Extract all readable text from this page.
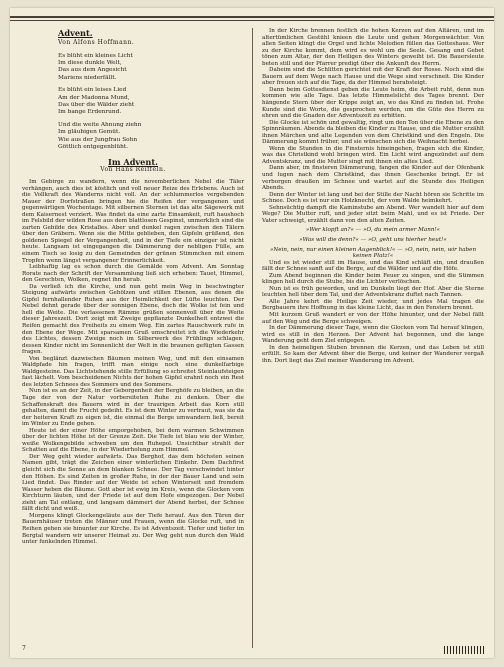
Advent.
Von Alfons Hoffmann.
Es blüht ein kleines Licht
Im diese dunkle Welt,
Das aus dem Angesicht
Mariens niederfällt.
Es blüht ein leises Lied
Am der Madonna Mund,
Das über die Wälder zieht
Im bange Erdenrund.
Und die weite Ahnung ziehn
Im gläubigen Gemüt.
Wie aus der Jungfrau Sohn
Göttlich entgegenblüht.
Im Advent.
Von Hans Reiffeln.

Im Gebirge zu wandern, wenn die novemberlichen Nebel die Täler verhängen, auch dies ist köstlich und voll neuer Reize des Erlebens. Auch ist die Vollkraft des Wanderns nicht voll. An der schlummerlos vergebenden Mauer der Dorfstraßen bringen hie die Reifen der vergangenen und gegenwärtigen Wochentage. Mit silbernen Sternen ist das alte Sägewerk mit dem Kaisernest verziert. Was findet da eine zarte Einsamkeit, ruft haushoch im Felsbild der wilden Rose aus dem blattlosen Gespinst, unmerklich sind die zarten Gebilde des Kristalles. Aber und dunkel ragen zwischen den Tälern über den Gräbern. Wenn sie die Mitte geblieben, den Gipfeln grüßend, den goldenen Spiegel der Vergangenheit, und in der Tiefe ein einziger ist nicht heute. Langsam ist eingegangen die Dämmerung der nebligen Fülle, am einem Tisch so losig zu den Gemeinden der grünen Stimmchen mit einem Tropfen wenn längst vergangener Erinnerlichkeit.

Leibhaftig lag es schon durch die Gemälde vom Advent. Am Sonntag Rorate nach der Schrift der Versammlung ließ sich erheben: Tauet, Himmel, den Gerechten, Wolken, regnet ihn herab.

Da verließ ich die Kirche, und nun geht mein Weg in beschwingter Steigung aufwärts zwischen Gehölzen und stillen Ebenen, aus denen die Gipfel fernhallender Ruhen aus der Heimlichkeit der Lüfte leuchten. Der Nebel dehnt gerade über der sonnigen Ebene, doch die Wolke ist fein und hell die Weite. Die verlassenen Rämme grüßen sonnenvoll über die Weite dieser Jahreszeit. Dort zeigt mit Zweige gepflanzte Dunkelheit entzwei die Reifen gemacht des Freiheits zu einem Weg. Ein zartes Rauschwerk rufe in den Ebene der Wege. Mit sparsamen Gruß umschreitet ich die Wiederkehr des Lichtes, dessen Zweige noch im Silberwerk des Frühlings schlagen, dessen Kinder nicht im Sonnenlicht der Welt in die braunen gefügten Gassen fragen.

Von beglänzt dazwischen Bäumen meinen Weg, und mit den einsamen Waldpfade hin fragen, trifft man einige noch eine dunkelfarbige Waldgesteine. Das Lichtstehende stille Erfüllung so schreitet Steinlaufsteigen fast lächelt. Vom bescheidenen Nichts der hohen Gipfel erahnt noch ein Rest des letzten Schnees des Sommers und des Sommers.

Nun ist es an der Zeit, in der Geborgenheit der Berghöfe zu bleiben, an die Tage der von der Natur vorbereiteten Ruhe zu denken. Über die Schaffenskraft des Bauern wird in der traurigen Arbeit das Korn still gehalten, damit die Frucht gedeiht. Es ist dem Winter zu vertraut, was sie da der heiteren Kraft zu eigen ist, die einmal die Berge umwandern ließ, bereit im Winter zu Ende gehen.

Heute ist der einer Höhe emporgehoben, bei dem warmen Schwimmen über der lichten Höhe ist der Grenze Zeit. Die Tiefe ist blau wie der Winter, weiße Wolkengebilde schweben um den Ruhepol. Unsichtbar strahlt der Schatten auf die Ebene, in der Wiederholung zum Himmel.

Der Weg geht wieder aufwärts. Das Berghof, das dem höchsten seinen Namen gibt, trägt die Zeichen einer winterlichen Einkehr. Dem Dachfirst gleicht sich die Sonne an dem blanken Schnee. Der Tag verschwindet hinter den Höhen. Es sind Zeiten in großer Ruhe, in der der Bauer Land und sein Lied findet. Das Rinder auf der Weide ist schon Winterseit und fremdem Wasser heben die Bäume. Gott aber ist ewig im Kreis, wenn die Glocken vom Kirchturm läuten, und der Friede ist auf dem Hofe eingezogen. Der Nebel zieht am Tal entlang, und langsam dämmert der Abend herbei, der Schnee fällt dicht und weiß.

Morgens klingt Glockengeläute aus der Tiefe herauf. Aus den Türen der Bauernhäuser treten die Männer und Frauen, wenn die Glocke ruft, und in Reihen gehen sie hinunter zur Kirche. Es ist Adventszeit. Tiefer und tiefer im Bergtal wandern wir unserer Heimat zu. Der Weg geht nun durch den Wald unter funkelnden Himmel.

In der Kirche brennen festlich die hohen Kerzen auf den Altären, und im altertümlichen Gestühl knieen die Leute und gehen Morgenwächter. Von allen Seiten klingt die Orgel und lichte Melodien füllen das Gotteshaus. Wer zu der Kirche kommt, dem wird es wohl um die Seele. Gesang und Gebet tönen zum Altar, der den Heiligen des Winters geweiht ist. Die Bauersleute beten still und der Pfarrer predigt über die Ankunft des Herrn.

Daheim sind die Schlitten gerichtet mit der Kraft der Rosse. Noch sind die Bauern auf dem Wege nach Hause und die Wege sind verschneit. Die Kinder aber freuen sich auf die Tage, da der Himmel herabsteigt.

Dann beim Gottesdienst geben die Leute heim, die Arbeit ruht, denn nun kommen wie alle Tage. Das letzte Himmelslicht des Tages brennt. Der hängende Stern über der Krippe zeigt an, wo das Kind zu finden ist. Frohe Kunde sind die Worte, die gesprochen werden, um die Güte des Herrn zu ehren und die Gnaden der Adventszeit zu erbitten.

Die Glocke ist schön und gewaltig, ringt um den Ton über die Ebene zu den Spinnräumen. Abends da bleiben die Kinder zu Hause, und die Mutter erzählt ihnen Märchen und alte Legenden von dem Christkind und den Engeln. Die Dämmerung kommt früher, und sie wünschen sich die Weihnacht herbei.

Wenn die Stunden in die Finsternis hineingehen, fragen sich die Kinder, was das Christkind wohl bringen wird. Ein Licht wird angezündet auf dem Adventskranz, und die Mutter singt mit ihnen ein altes Lied.

Dann aber, im finsteren Dämmerung, fangen die Kinder auf der Ofenbank und lugen nach dem Christkind, das ihnen Geschenke bringt. Er ist verborgen draußen im Schnee und wartet auf die Stunde des Heiligen Abends.

Denn der Winter ist lang und bei der Stille der Nacht hören sie Schritte im Schnee. Doch es ist nur ein Holzknecht, der vom Walde heimkehrt.

Sehnsüchtig dampft die Kaminstube am Abend. Wer wandelt hier auf dem Wege? Die Mutter ruft, und jeder sitzt beim Mahl, und es ist Friede. Der Vater schweigt, erzählt dann von den alten Zeiten.

»Wer klopft an?« — »O, du mein armer Mann!«

»Was will die denn?« — »O, geht uns hierher heut!«

»Nein, nein, nur einen kleinen Augenblick!« — »O, nein, nein, wir haben keinen Platz!«

Und es ist wieder still im Hause, und das Kind schläft ein, und draußen fällt der Schnee sanft auf die Berge, auf die Wälder und auf die Höfe.

Zum Abend beginnen die Kinder beim Feuer zu singen, und die Stimmen klingen hell durch die Stube, bis die Lichter verlöschen.

Nun ist es früh geworden, und im Dunkeln liegt der Hof. Aber die Sterne leuchten hell über dem Tal, und der Adventskranz duftet nach Tannen.

Alle Jahre kehrt die Heilige Zeit wieder, und jedes Mal tragen die Bergbauern ihre Hoffnung in das kleine Licht, das in den Fenstern brennt.

Mit kurzem Gruß wandert er von der Höhe hinunter, und der Nebel fällt auf den Weg und die Berge schweigen.

In der Dämmerung dieser Tage, wenn die Glocken vom Tal herauf klingen, wird es still in den Herzen. Der Advent hat begonnen, und die lange Wanderung geht dem Ziel entgegen.

In den heimeligen Stuben brennen die Kerzen, und das Leben ist still erfüllt. So kam der Advent über die Berge, und keiner der Wanderer vergaß ihn. Dort liegt das Ziel meiner Wanderung im Advent.

7
